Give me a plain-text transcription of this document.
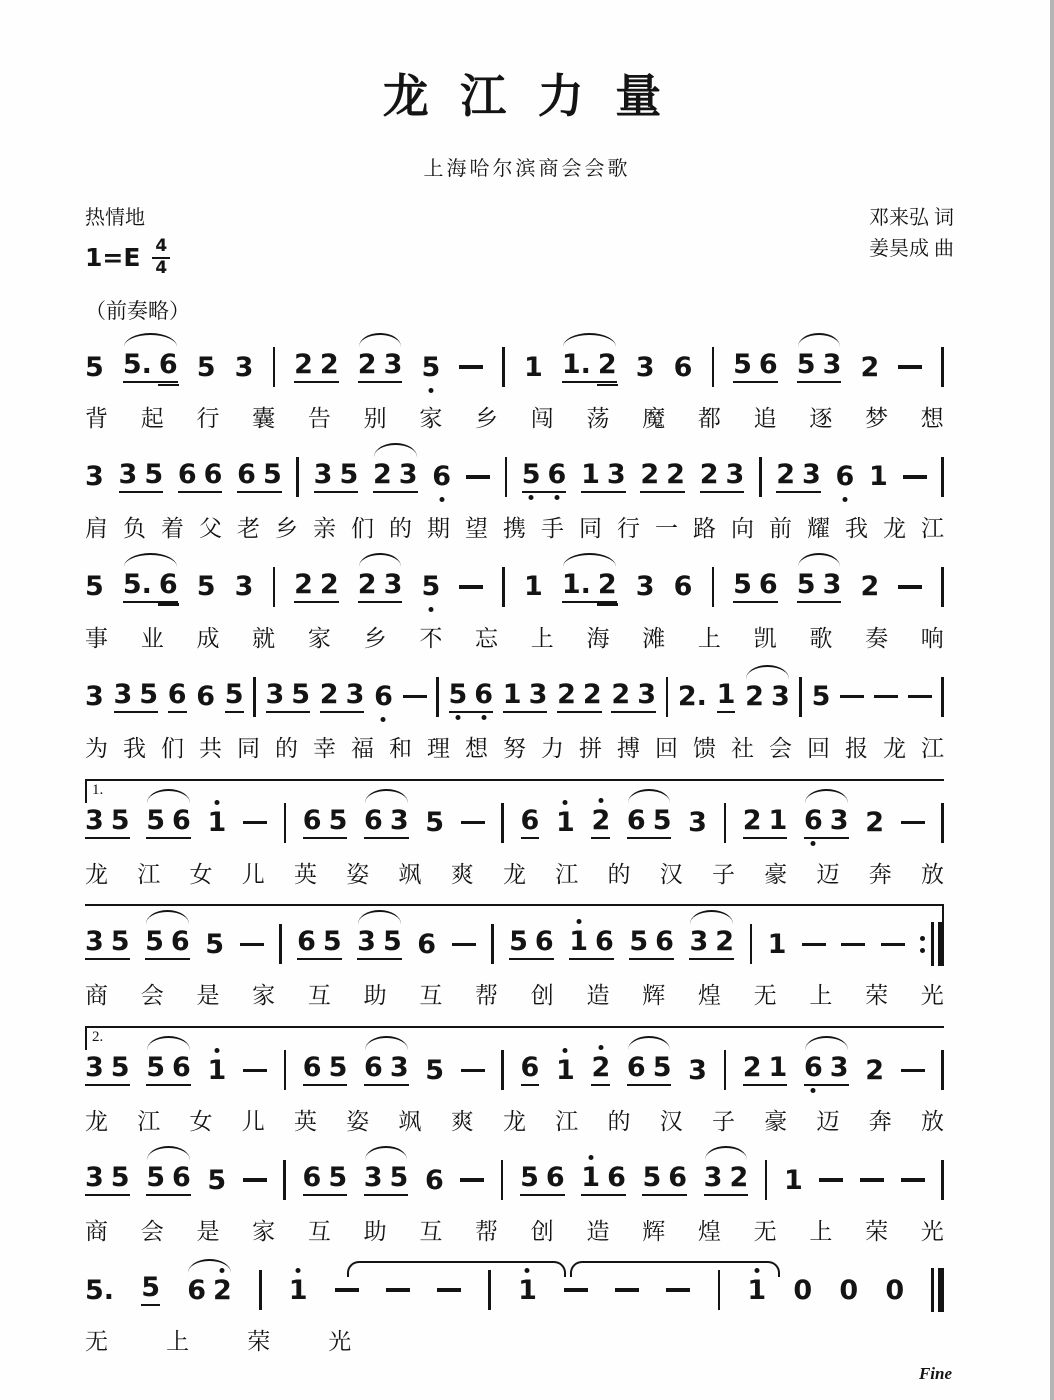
龙 江 力 量
上海哈尔滨商会会歌
热情地
1=E 4
4
邓来弘 词
姜昊成 曲
（前奏略）
5 5. 6 5 3 2 2 2 3 5	1 1. 2 3 6 5 6 5 3 2
背 起 行 囊 告 别 家 乡 闯 荡 魔 都 追 逐 梦 想
3 3 5 6 6 6 5 3 5 2 3 6	5 6 1 3 2 2 2 3 2 3 6 1
肩 负 着 父 老 乡 亲 们 的 期 望 携 手 同 行 一 路 向 前 耀 我 龙 江
5 5. 6 5 3 2 2 2 3 5	1 1. 2 3 6 5 6 5 3 2
事 业 成 就 家 乡 不 忘 上 海 滩 上 凯 歌 奏 响
3 3 5 6 6 5 3 5 2 3 6 5 6 1 3 2 2 2 3 2. 1 2 3 5
为 我 们 共 同 的 幸 福 和 理 想 努 力 拼 搏 回 馈 社 会 回 报 龙 江
1.
3 5 5 6 1	6 5 6 3 5	6 1 2 6 5 3 2 1 6 3 2
龙 江 女 儿 英 姿 飒 爽 龙 江 的 汉 子 豪 迈 奔 放
3 5 5 6 5	6 5 3 5 6	5 6 1 6 5 6 3 2 1
商 会 是 家 互 助 互 帮 创 造 辉 煌 无 上 荣 光
2.
3 5 5 6 1	6 5 6 3 5	6 1 2 6 5 3 2 1 6 3 2
龙 江 女 儿 英 姿 飒 爽 龙 江 的 汉 子 豪 迈 奔 放
3 5 5 6 5	6 5 3 5 6	5 6 1 6 5 6 3 2 1
商 会 是 家 互 助 互 帮 创 造 辉 煌 无 上 荣 光
5. 5 6 2 1	1	1 0 0 0
无	上	荣	光
Fine
